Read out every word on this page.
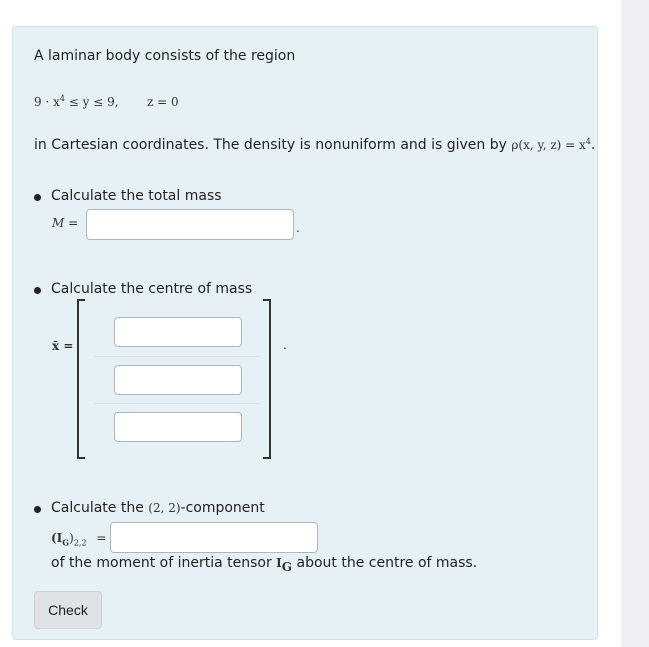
A laminar body consists of the region
$9 \cdot x^4 \le y \le 9$, z = 0
in Cartesian coordinates. The density is nonuniform and is given by ρ(x, y, $z) = x^4$.
Calculate the total mass
M =	.
Calculate the centre of mass
x̄ =	.
Calculate the (2, 2)-component
$(I_G)_{2,2}$ =
of the moment of inertia tensor $I_G$ about the centre of mass.
Check
